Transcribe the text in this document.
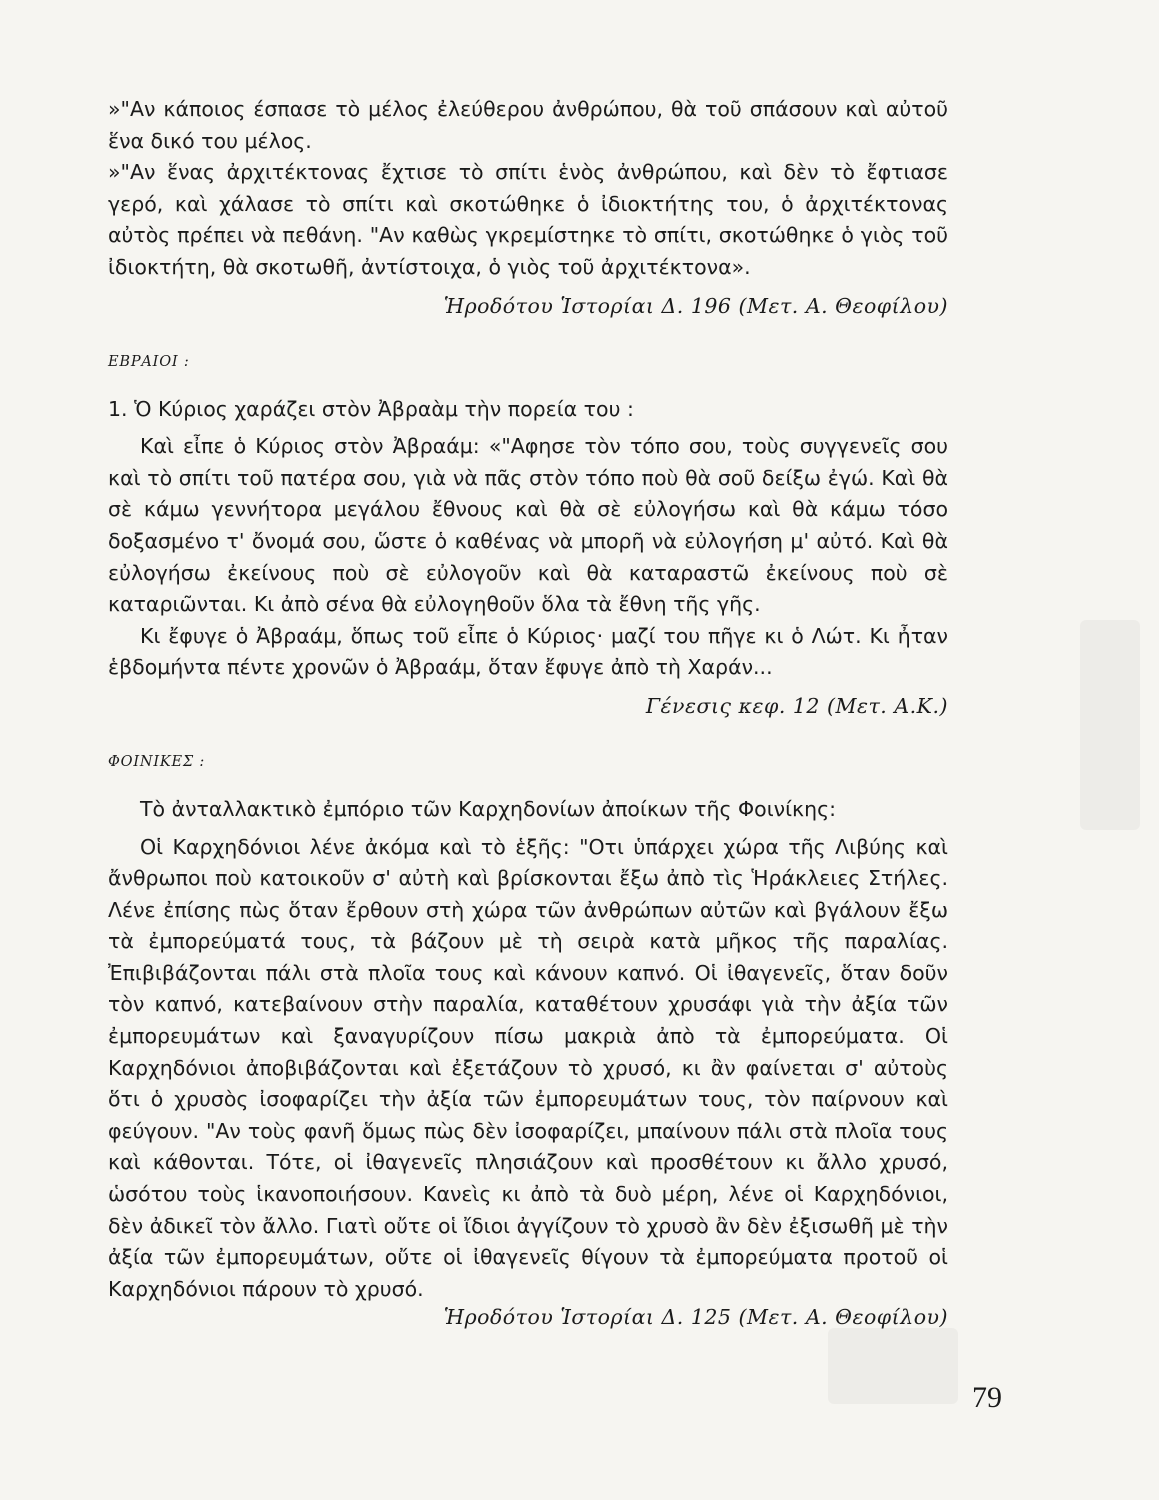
»"Αν κάποιος έσπασε τὸ μέλος ἐλεύθερου ἀνθρώπου, θὰ τοῦ σπάσουν καὶ αὐτοῦ ἕνα δικό του μέλος.

»"Αν ἕνας ἀρχιτέκτονας ἔχτισε τὸ σπίτι ἑνὸς ἀνθρώπου, καὶ δὲν τὸ ἔφτιασε γερό, καὶ χάλασε τὸ σπίτι καὶ σκοτώθηκε ὁ ἰδιοκτήτης του, ὁ ἀρχιτέκτονας αὐτὸς πρέπει νὰ πεθάνη. "Αν καθὼς γκρεμίστηκε τὸ σπίτι, σκοτώθηκε ὁ γιὸς τοῦ ἰδιοκτήτη, θὰ σκοτωθῆ, ἀντίστοιχα, ὁ γιὸς τοῦ ἀρχιτέκτονα».

Ἡροδότου Ἱστορίαι Δ. 196 (Μετ. Α. Θεοφίλου)

ΕΒΡΑΙΟΙ :

1. Ὁ Κύριος χαράζει στὸν Ἀβραὰμ τὴν πορεία του :

Καὶ εἶπε ὁ Κύριος στὸν Ἀβραάμ: «"Αφησε τὸν τόπο σου, τοὺς συγγενεῖς σου καὶ τὸ σπίτι τοῦ πατέρα σου, γιὰ νὰ πᾶς στὸν τόπο ποὺ θὰ σοῦ δείξω ἐγώ. Καὶ θὰ σὲ κάμω γεννήτορα μεγάλου ἔθνους καὶ θὰ σὲ εὐλογήσω καὶ θὰ κάμω τόσο δοξασμένο τ' ὄνομά σου, ὥστε ὁ καθένας νὰ μπορῆ νὰ εὐλογήση μ' αὐτό. Καὶ θὰ εὐλογήσω ἐκείνους ποὺ σὲ εὐλογοῦν καὶ θὰ καταραστῶ ἐκείνους ποὺ σὲ καταριῶνται. Κι ἀπὸ σένα θὰ εὐλογηθοῦν ὅλα τὰ ἔθνη τῆς γῆς.

Κι ἔφυγε ὁ Ἀβραάμ, ὅπως τοῦ εἶπε ὁ Κύριος· μαζί του πῆγε κι ὁ Λώτ. Κι ἦταν ἑβδομήντα πέντε χρονῶν ὁ Ἀβραάμ, ὅταν ἔφυγε ἀπὸ τὴ Χαράν...

Γένεσις κεφ. 12 (Μετ. Α.Κ.)

ΦΟΙΝΙΚΕΣ :

Τὸ ἀνταλλακτικὸ ἐμπόριο τῶν Καρχηδονίων ἀποίκων τῆς Φοινίκης:

Οἱ Καρχηδόνιοι λένε ἀκόμα καὶ τὸ ἑξῆς: "Οτι ὑπάρχει χώρα τῆς Λιβύης καὶ ἄνθρωποι ποὺ κατοικοῦν σ' αὐτὴ καὶ βρίσκονται ἔξω ἀπὸ τὶς Ἡράκλειες Στήλες. Λένε ἐπίσης πὼς ὅταν ἔρθουν στὴ χώρα τῶν ἀνθρώπων αὐτῶν καὶ βγάλουν ἔξω τὰ ἐμπορεύματά τους, τὰ βάζουν μὲ τὴ σειρὰ κατὰ μῆκος τῆς παραλίας. Ἐπιβιβάζονται πάλι στὰ πλοῖα τους καὶ κάνουν καπνό. Οἱ ἰθαγενεῖς, ὅταν δοῦν τὸν καπνό, κατεβαίνουν στὴν παραλία, καταθέτουν χρυσάφι γιὰ τὴν ἀξία τῶν ἐμπορευμάτων καὶ ξαναγυρίζουν πίσω μακριὰ ἀπὸ τὰ ἐμπορεύματα. Οἱ Καρχηδόνιοι ἀποβιβάζονται καὶ ἐξετάζουν τὸ χρυσό, κι ἂν φαίνεται σ' αὐτοὺς ὅτι ὁ χρυσὸς ἰσοφαρίζει τὴν ἀξία τῶν ἐμπορευμάτων τους, τὸν παίρνουν καὶ φεύγουν. "Αν τοὺς φανῆ ὅμως πὼς δὲν ἰσοφαρίζει, μπαίνουν πάλι στὰ πλοῖα τους καὶ κάθονται. Τότε, οἱ ἰθαγενεῖς πλησιάζουν καὶ προσθέτουν κι ἄλλο χρυσό, ὡσότου τοὺς ἱκανοποιήσουν. Κανεὶς κι ἀπὸ τὰ δυὸ μέρη, λένε οἱ Καρχηδόνιοι, δὲν ἀδικεῖ τὸν ἄλλο. Γιατὶ οὔτε οἱ ἴδιοι ἀγγίζουν τὸ χρυσὸ ἂν δὲν ἐξισωθῆ μὲ τὴν ἀξία τῶν ἐμπορευμάτων, οὔτε οἱ ἰθαγενεῖς θίγουν τὰ ἐμπορεύματα προτοῦ οἱ Καρχηδόνιοι πάρουν τὸ χρυσό.

Ἡροδότου Ἱστορίαι Δ. 125 (Μετ. Α. Θεοφίλου)

79
